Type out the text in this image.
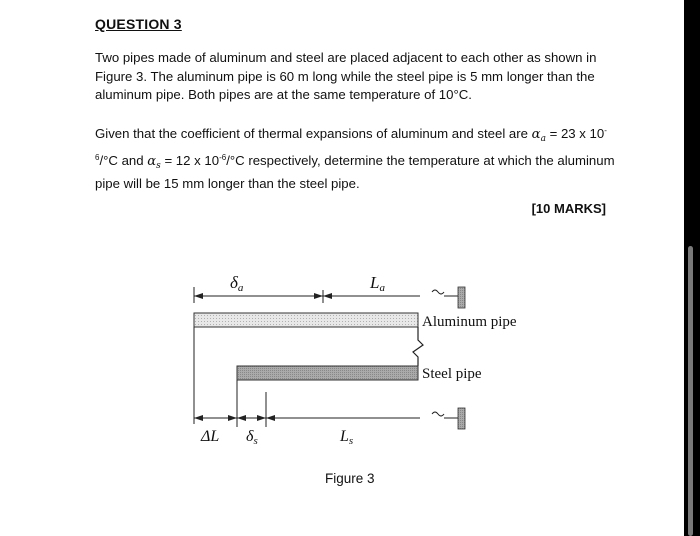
QUESTION 3
Two pipes made of aluminum and steel are placed adjacent to each other as shown in Figure 3. The aluminum pipe is 60 m long while the steel pipe is 5 mm longer than the aluminum pipe. Both pipes are at the same temperature of 10°C.
Given that the coefficient of thermal expansions of aluminum and steel are $\alpha_a = 23$ x $10^{-6}/^\circ C$ and $\alpha_s = 12$ x $10^{-6}/^\circ C$ respectively, determine the temperature at which the aluminum pipe will be 15 mm longer than the steel pipe.
[10 MARKS]
δa	La
Aluminum pipe
Steel pipe
ΔL δs	Ls
Figure 3
